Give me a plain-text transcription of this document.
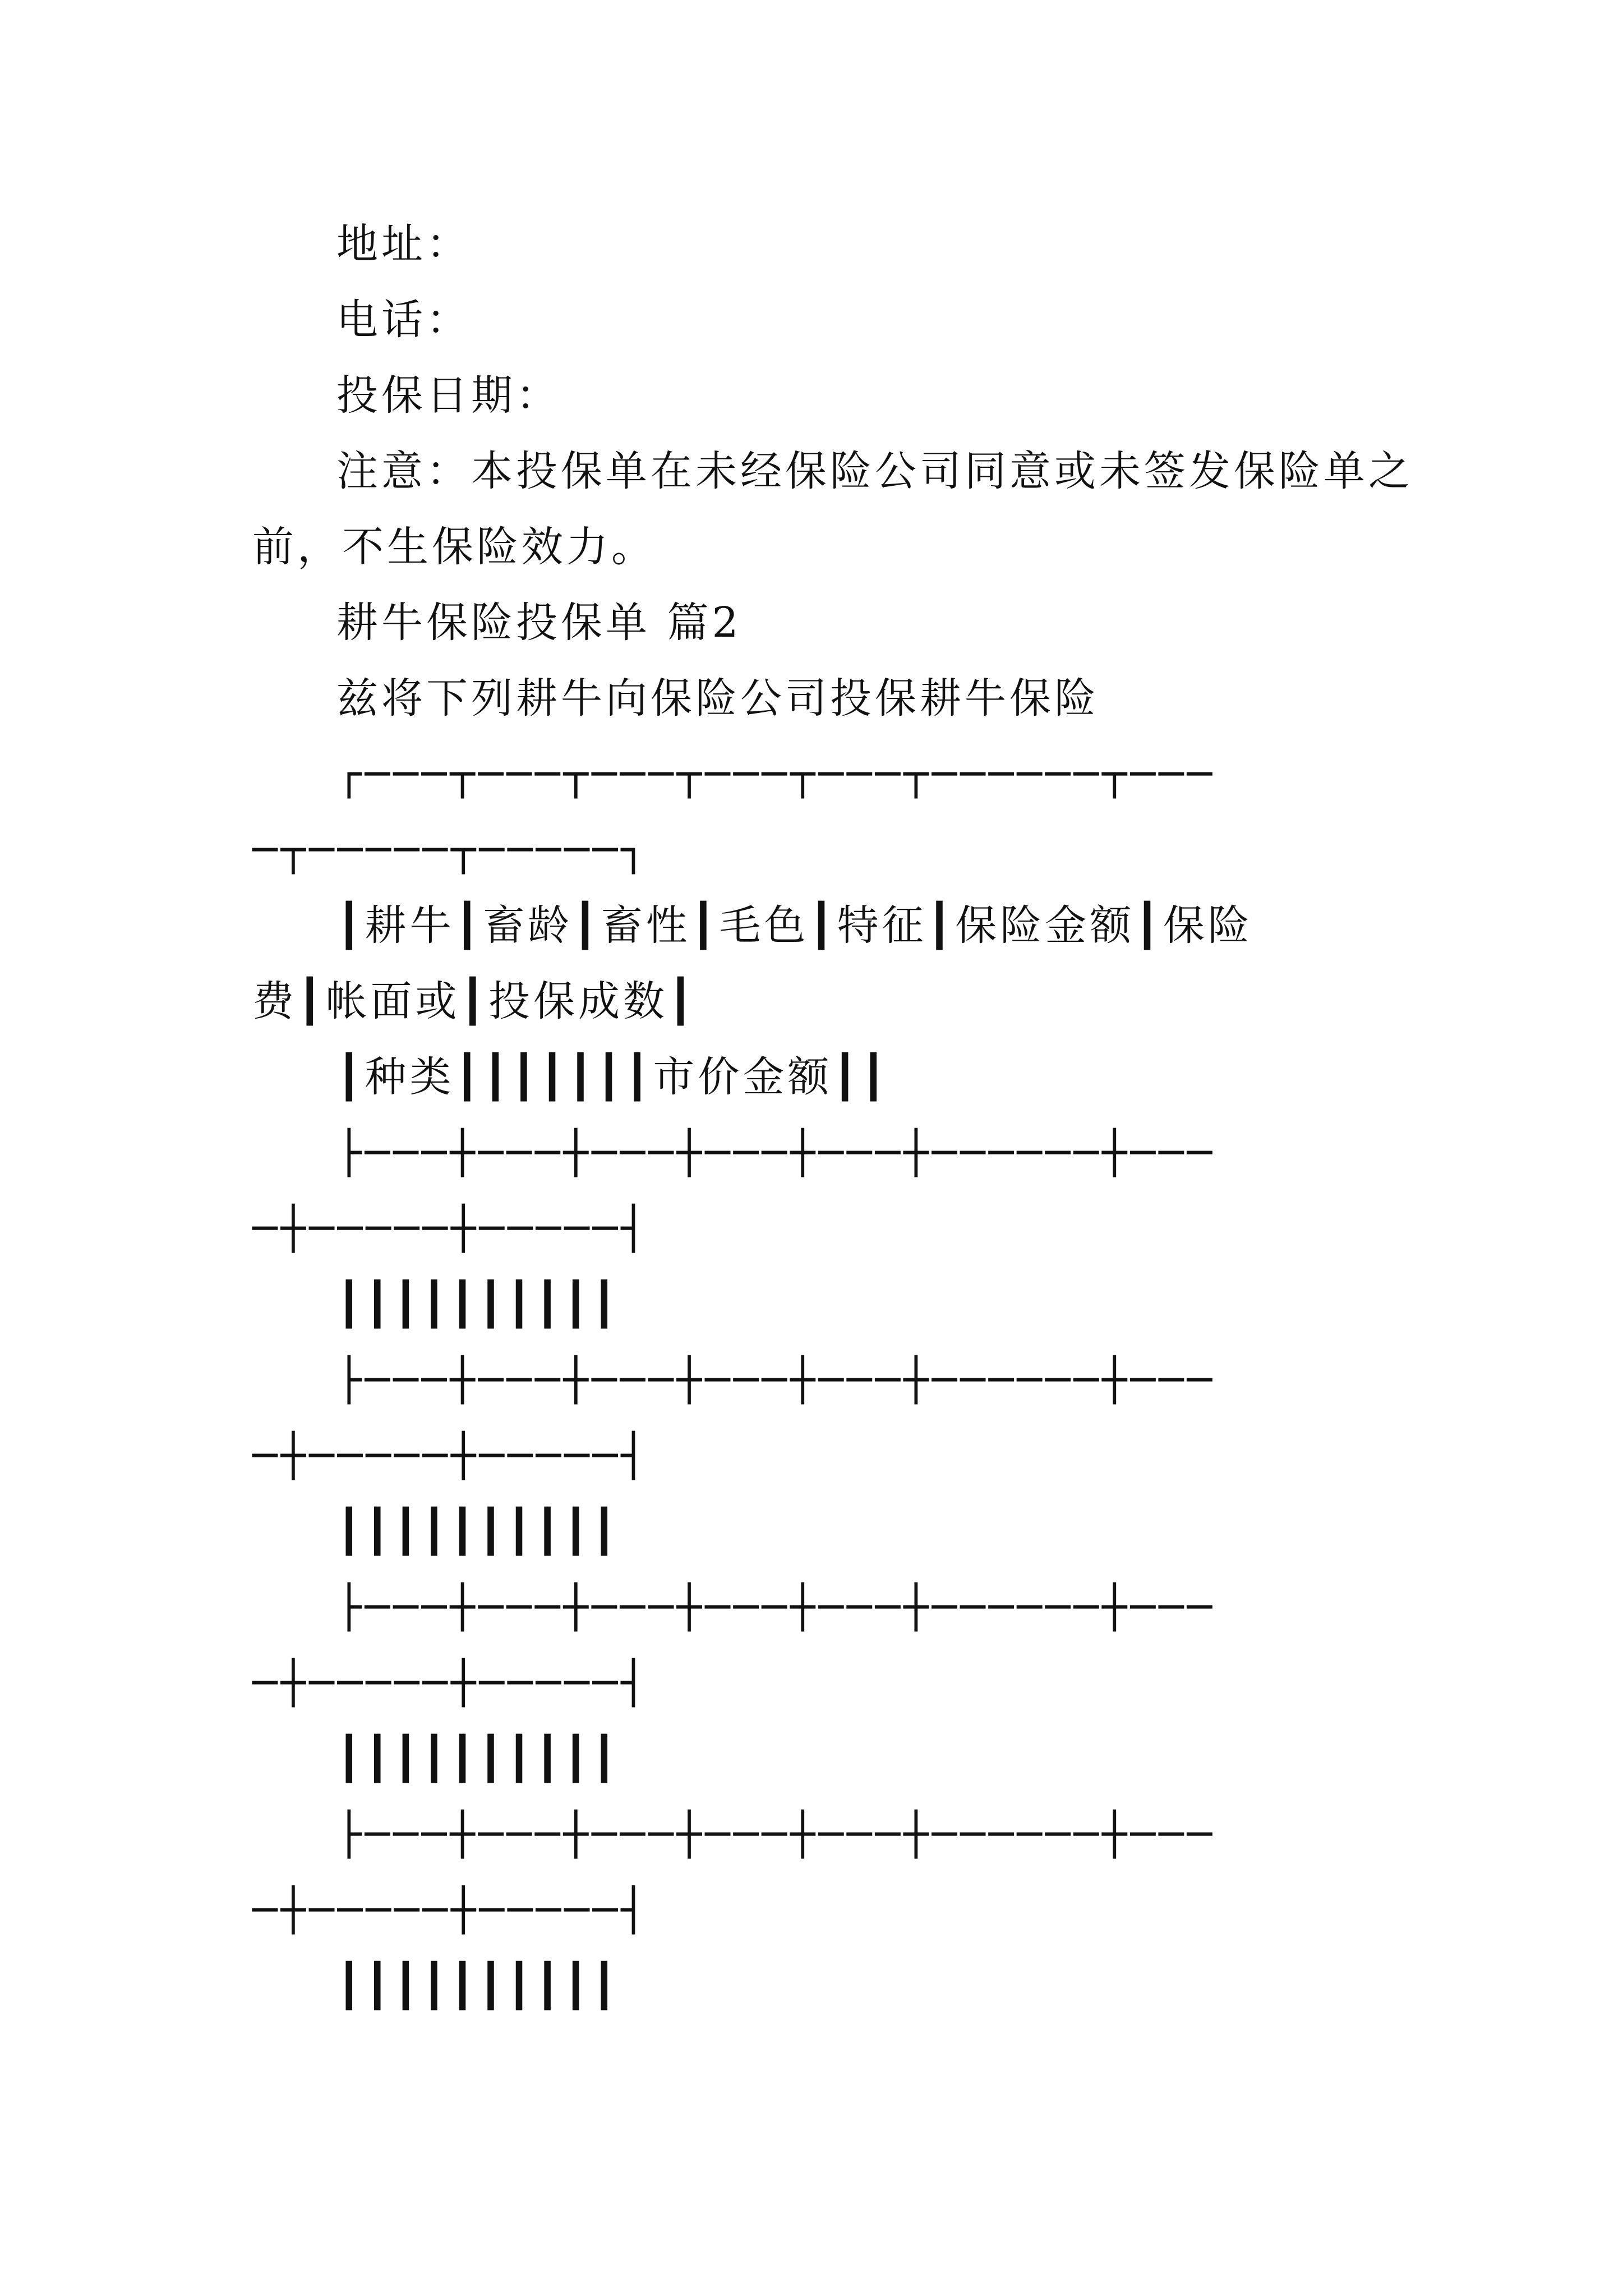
地址：
电话：
投保日期：
注意：本投保单在未经保险公司同意或未签发保险单之
前，不生保险效力。
耕牛保险投保单 篇2
兹将下列耕牛向保险公司投保耕牛保险
┌───┬───┬───┬───┬───┬──────┬───
─┬─────┬─────┐
┃耕牛┃畜龄┃畜性┃毛色┃特征┃保险金额┃保险
费┃帐面或┃投保成数┃
┃种类┃┃┃┃┃┃┃市价金额┃┃
├───┼───┼───┼───┼───┼──────┼───
─┼─────┼─────┤
┃┃┃┃┃┃┃┃┃┃
├───┼───┼───┼───┼───┼──────┼───
─┼─────┼─────┤
┃┃┃┃┃┃┃┃┃┃
├───┼───┼───┼───┼───┼──────┼───
─┼─────┼─────┤
┃┃┃┃┃┃┃┃┃┃
├───┼───┼───┼───┼───┼──────┼───
─┼─────┼─────┤
┃┃┃┃┃┃┃┃┃┃
